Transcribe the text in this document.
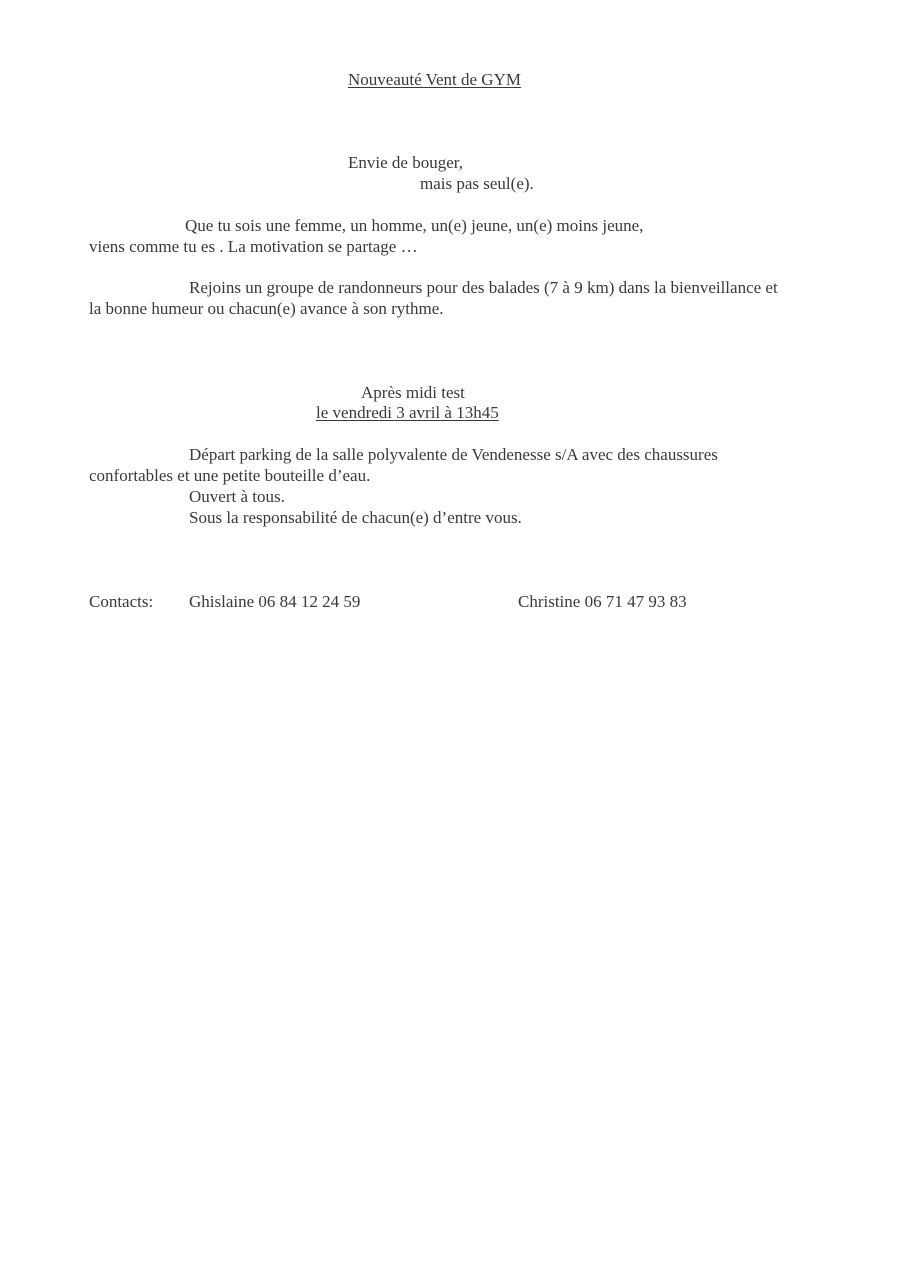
Nouveauté Vent de GYM
Envie de bouger,
mais pas seul(e).
Que tu sois une femme, un homme, un(e) jeune, un(e) moins jeune,
viens comme tu es . La motivation se partage …
Rejoins un groupe de randonneurs pour des balades (7 à 9 km) dans la bienveillance et
la bonne humeur ou chacun(e) avance à son rythme.
Après midi test
le vendredi 3 avril à 13h45
Départ parking de la salle polyvalente de Vendenesse s/A avec des chaussures
confortables et une petite bouteille d’eau.
Ouvert à tous.
Sous la responsabilité de chacun(e) d’entre vous.
Contacts: Ghislaine 06 84 12 24 59	Christine 06 71 47 93 83
